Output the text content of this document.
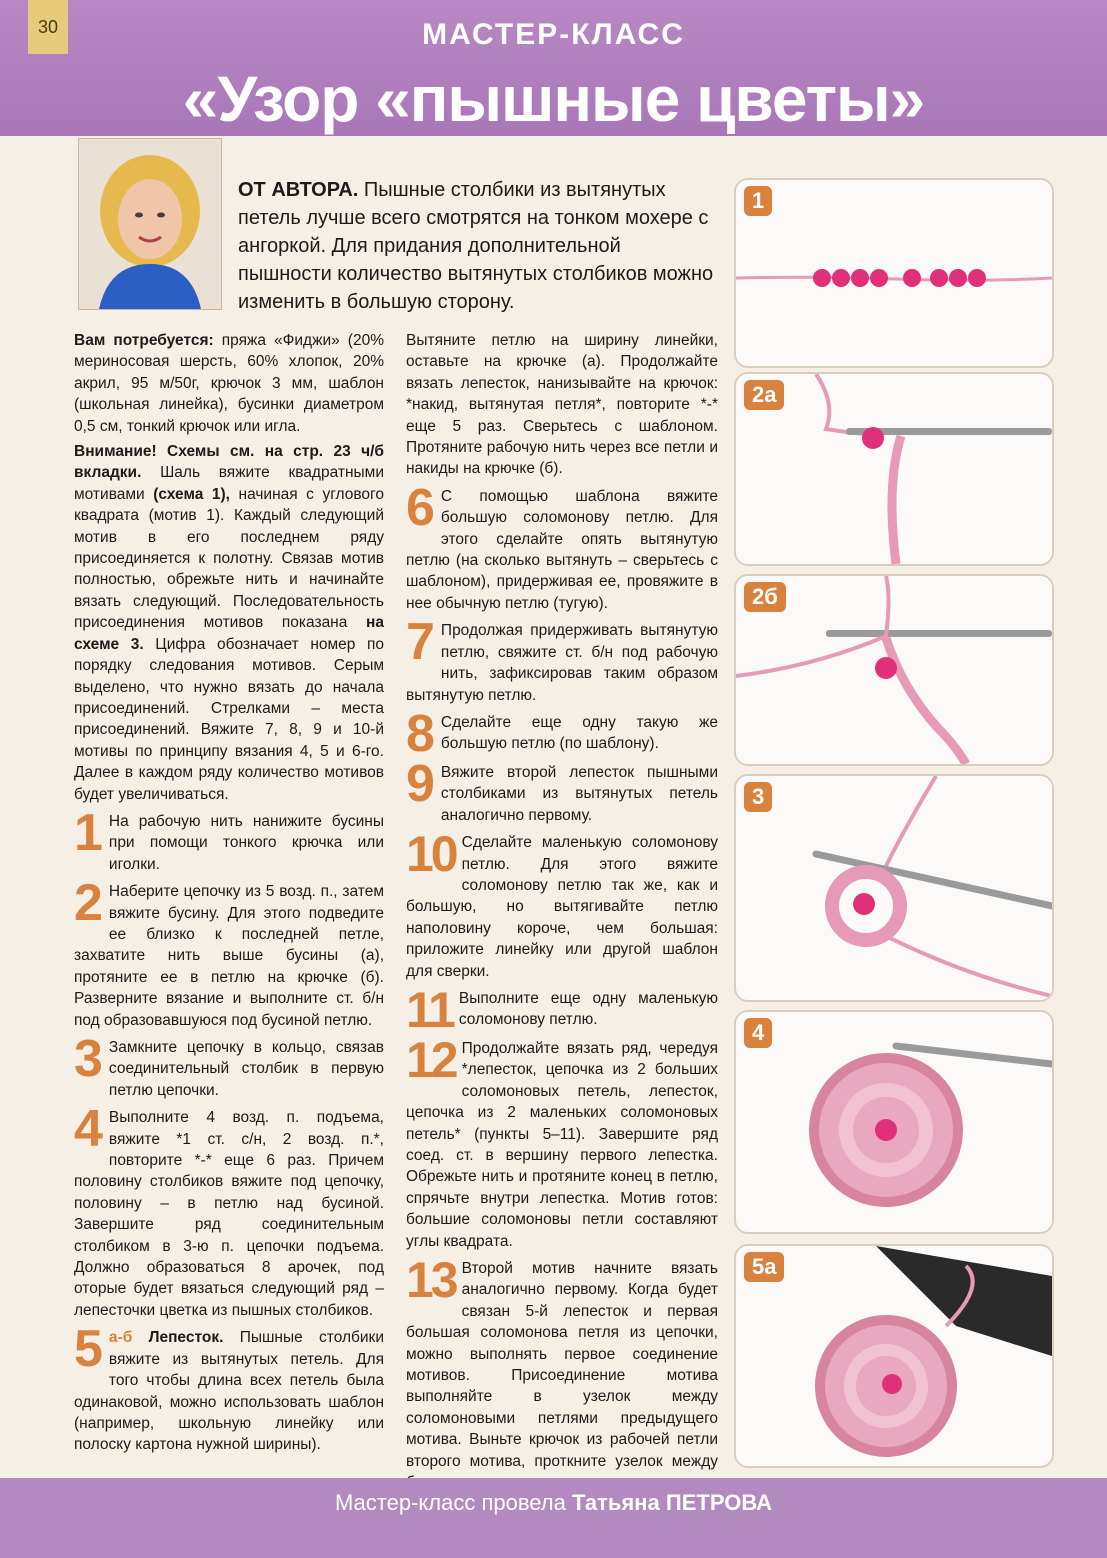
30	МАСТЕР-КЛАСС
«Узор «пышные цветы»
ОТ АВТОРА. Пышные столбики из вытянутых петель лучше всего смотрятся на тонком мохере с ангоркой. Для придания дополнительной пышности количество вытянутых столбиков можно изменить в большую сторону.

Вам потребуется: пряжа «Фиджи» (20% мериносовая шерсть, 60% хлопок, 20% акрил, 95 м/50г, крючок 3 мм, шаблон (школьная линейка), бусинки диаметром 0,5 см, тонкий крючок или игла.

Внимание! Схемы см. на стр. 23 ч/б вкладки. Шаль вяжите квадратными мотивами (схема 1), начиная с углового квадрата (мотив 1). Каждый следующий мотив в его последнем ряду присоединяется к полотну. Связав мотив полностью, обрежьте нить и начинайте вязать следующий. Последовательность присоединения мотивов показана на схеме 3. Цифра обозначает номер по порядку следования мотивов. Серым выделено, что нужно вязать до начала присоединений. Стрелками – места присоединений. Вяжите 7, 8, 9 и 10-й мотивы по принципу вязания 4, 5 и 6-го. Далее в каждом ряду количество мотивов будет увеличиваться.

1 На рабочую нить нанижите бусины при помощи тонкого крючка или иголки.
2 Наберите цепочку из 5 возд. п., затем вяжите бусину. Для этого подведите ее близко к последней петле, захватите нить выше бусины (а), протяните ее в петлю на крючке (б). Разверните вязание и выполните ст. б/н под образовавшуюся под бусиной петлю.
3 Замкните цепочку в кольцо, связав соединительный столбик в первую петлю цепочки.
4 Выполните 4 возд. п. подъема, вяжите *1 ст. с/н, 2 возд. п.*, повторите *-* еще 6 раз. Причем половину столбиков вяжите под цепочку, половину – в петлю над бусиной. Завершите ряд соединительным столбиком в 3-ю п. цепочки подъема. Должно образоваться 8 арочек, под оторые будет вязаться следующий ряд – лепесточки цветка из пышных столбиков.
5 а-б Лепесток. Пышные столбики вяжите из вытянутых петель. Для того чтобы длина всех петель была одинаковой, можно использовать шаблон (например, школьную линейку или полоску картона нужной ширины).

Вытяните петлю на ширину линейки, оставьте на крючке (а). Продолжайте вязать лепесток, нанизывайте на крючок: *накид, вытянутая петля*, повторите *-* еще 5 раз. Сверьтесь с шаблоном. Протяните рабочую нить через все петли и накиды на крючке (б).

6 С помощью шаблона вяжите большую соломонову петлю. Для этого сделайте опять вытянутую петлю (на сколько вытянуть – сверьтесь с шаблоном), придерживая ее, провяжите в нее обычную петлю (тугую).
7 Продолжая придерживать вытянутую петлю, свяжите ст. б/н под рабочую нить, зафиксировав таким образом вытянутую петлю.
8 Сделайте еще одну такую же большую петлю (по шаблону).
9 Вяжите второй лепесток пышными столбиками из вытянутых петель аналогично первому.
10 Сделайте маленькую соломонову петлю. Для этого вяжите соломонову петлю так же, как и большую, но вытягивайте петлю наполовину короче, чем большая: приложите линейку или другой шаблон для сверки.
11 Выполните еще одну маленькую соломонову петлю.
12 Продолжайте вязать ряд, чередуя *лепесток, цепочка из 2 больших соломоновых петель, лепесток, цепочка из 2 маленьких соломоновых петель* (пункты 5–11). Завершите ряд соед. ст. в вершину первого лепестка. Обрежьте нить и протяните конец в петлю, спрячьте внутри лепестка. Мотив готов: большие соломоновы петли составляют углы квадрата.
13 Второй мотив начните вязать аналогично первому. Когда будет связан 5-й лепесток и первая большая соломонова петля из цепочки, можно выполнять первое соединение мотивов. Присоединение мотива выполняйте в узелок между соломоновыми петлями предыдущего мотива. Выньте крючок из рабочей петли второго мотива, проткните узелок между
1
2а
2б
3
4
5а
Мастер-класс провела Татьяна ПЕТРОВА
